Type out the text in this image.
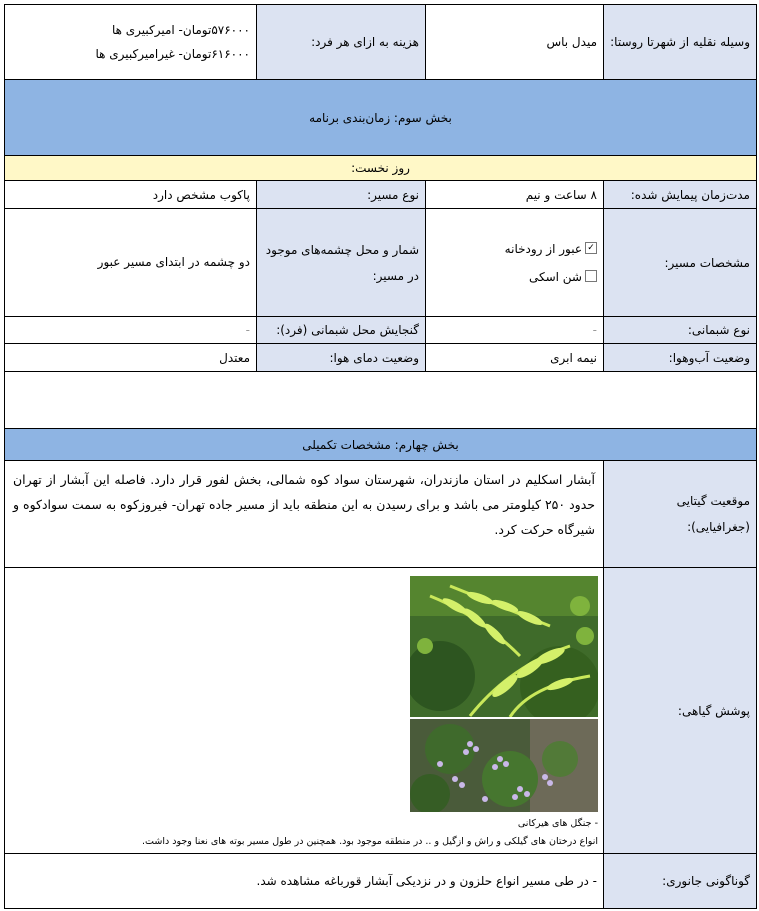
وسیله نقلیه از شهرتا روستا:
میدل باس
هزینه به ازای هر فرد:
۵۷۶۰۰۰تومان- امیرکبیری ها
۶۱۶۰۰۰تومان- غیرامیرکبیری ها
بخش سوم: زمان‌بندی برنامه
روز نخست:
مدت‌زمان پیمایش شده:
۸ ساعت و نیم
نوع مسیر:
پاکوب مشخص دارد
مشخصات مسیر:
✓عبور از رودخانه
شن اسکی
شمار و محل چشمه‌های موجود در مسیر:
دو چشمه در ابتدای مسیر عبور
نوع شبمانی:
-
گنجایش محل شبمانی (فرد):
-
وضعیت آب‌وهوا:
نیمه ابری
وضعیت دمای هوا:
معتدل
بخش چهارم: مشخصات تکمیلی
موقعیت گیتایی (جغرافیایی):
آبشار اسکلیم در استان مازندران، شهرستان سواد کوه شمالی، بخش لفور قرار دارد. فاصله این آبشار از تهران حدود ۲۵۰ کیلومتر می باشد و برای رسیدن به این منطقه باید از مسیر جاده تهران- فیروزکوه به سمت سوادکوه و شیرگاه حرکت کرد.
پوشش گیاهی:
- جنگل های هیرکانی
انواع درختان های گیلکی و راش و ازگیل و .. در منطقه موجود بود. همچنین در طول مسیر بوته های نعنا وجود داشت.
گوناگونی جانوری:
- در طی مسیر انواع حلزون و در نزدیکی آبشار قورباغه مشاهده شد.
